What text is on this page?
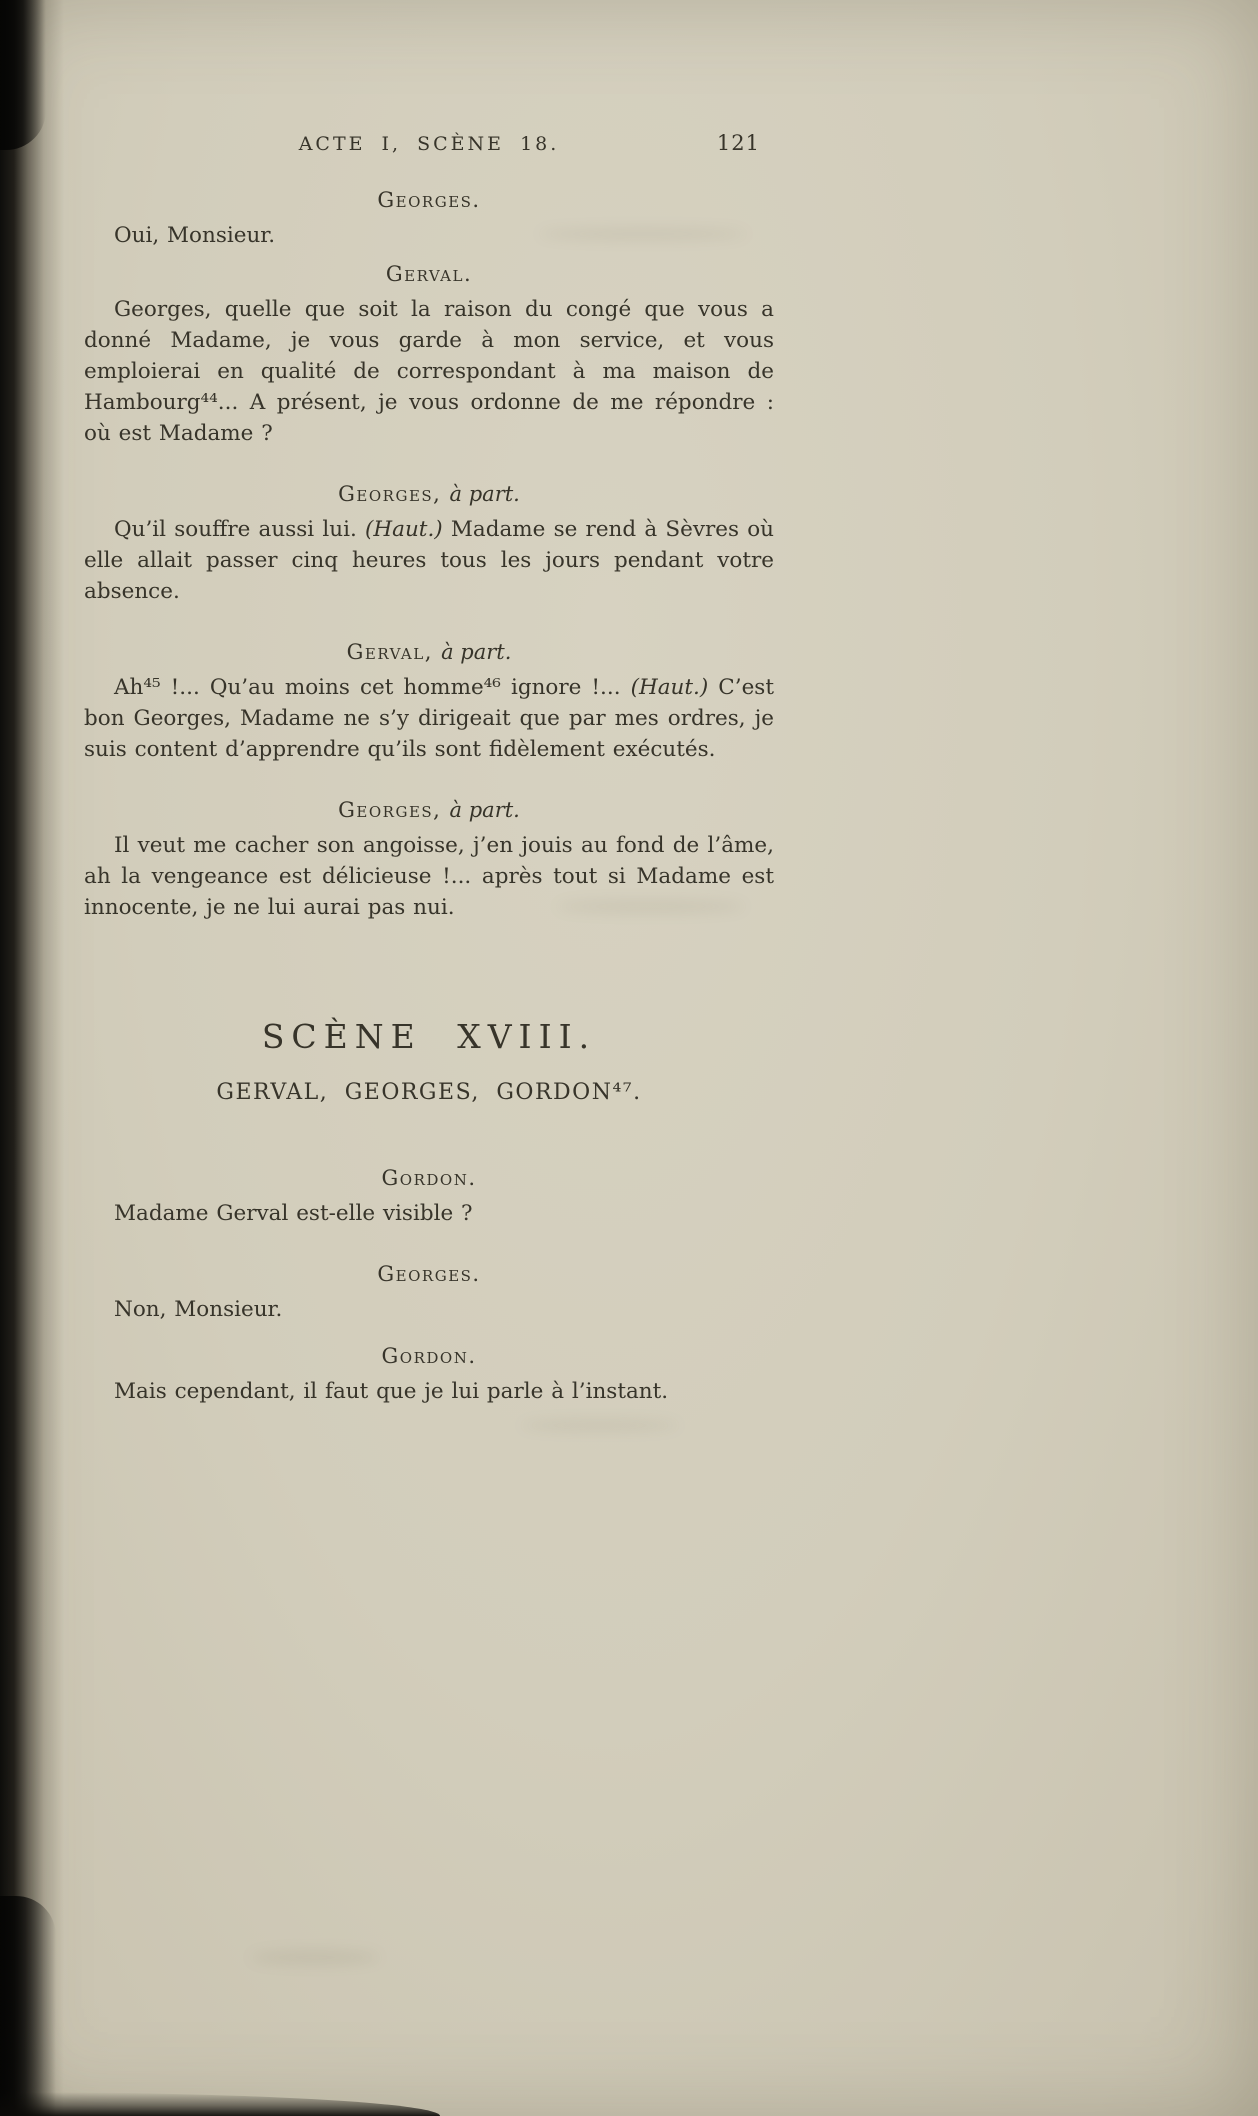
ACTE I, SCÈNE 18.	121
Georges.

Oui, Monsieur.

Gerval.

Georges, quelle que soit la raison du congé que vous a donné Madame, je vous garde à mon service, et vous emploierai en qualité de correspondant à ma maison de Hambourg⁴⁴... A présent, je vous ordonne de me répondre : où est Madame ?

Georges, à part.

Qu’il souffre aussi lui. (Haut.) Madame se rend à Sèvres où elle allait passer cinq heures tous les jours pendant votre absence.

Gerval, à part.

Ah⁴⁵ !... Qu’au moins cet homme⁴⁶ ignore !... (Haut.) C’est bon Georges, Madame ne s’y dirigeait que par mes ordres, je suis content d’apprendre qu’ils sont fidèlement exécutés.

Georges, à part.

Il veut me cacher son angoisse, j’en jouis au fond de l’âme, ah la vengeance est délicieuse !... après tout si Madame est innocente, je ne lui aurai pas nui.

SCÈNE XVIII.
GERVAL, GEORGES, GORDON⁴⁷.
Gordon.

Madame Gerval est-elle visible ?

Georges.

Non, Monsieur.

Gordon.

Mais cependant, il faut que je lui parle à l’instant.
